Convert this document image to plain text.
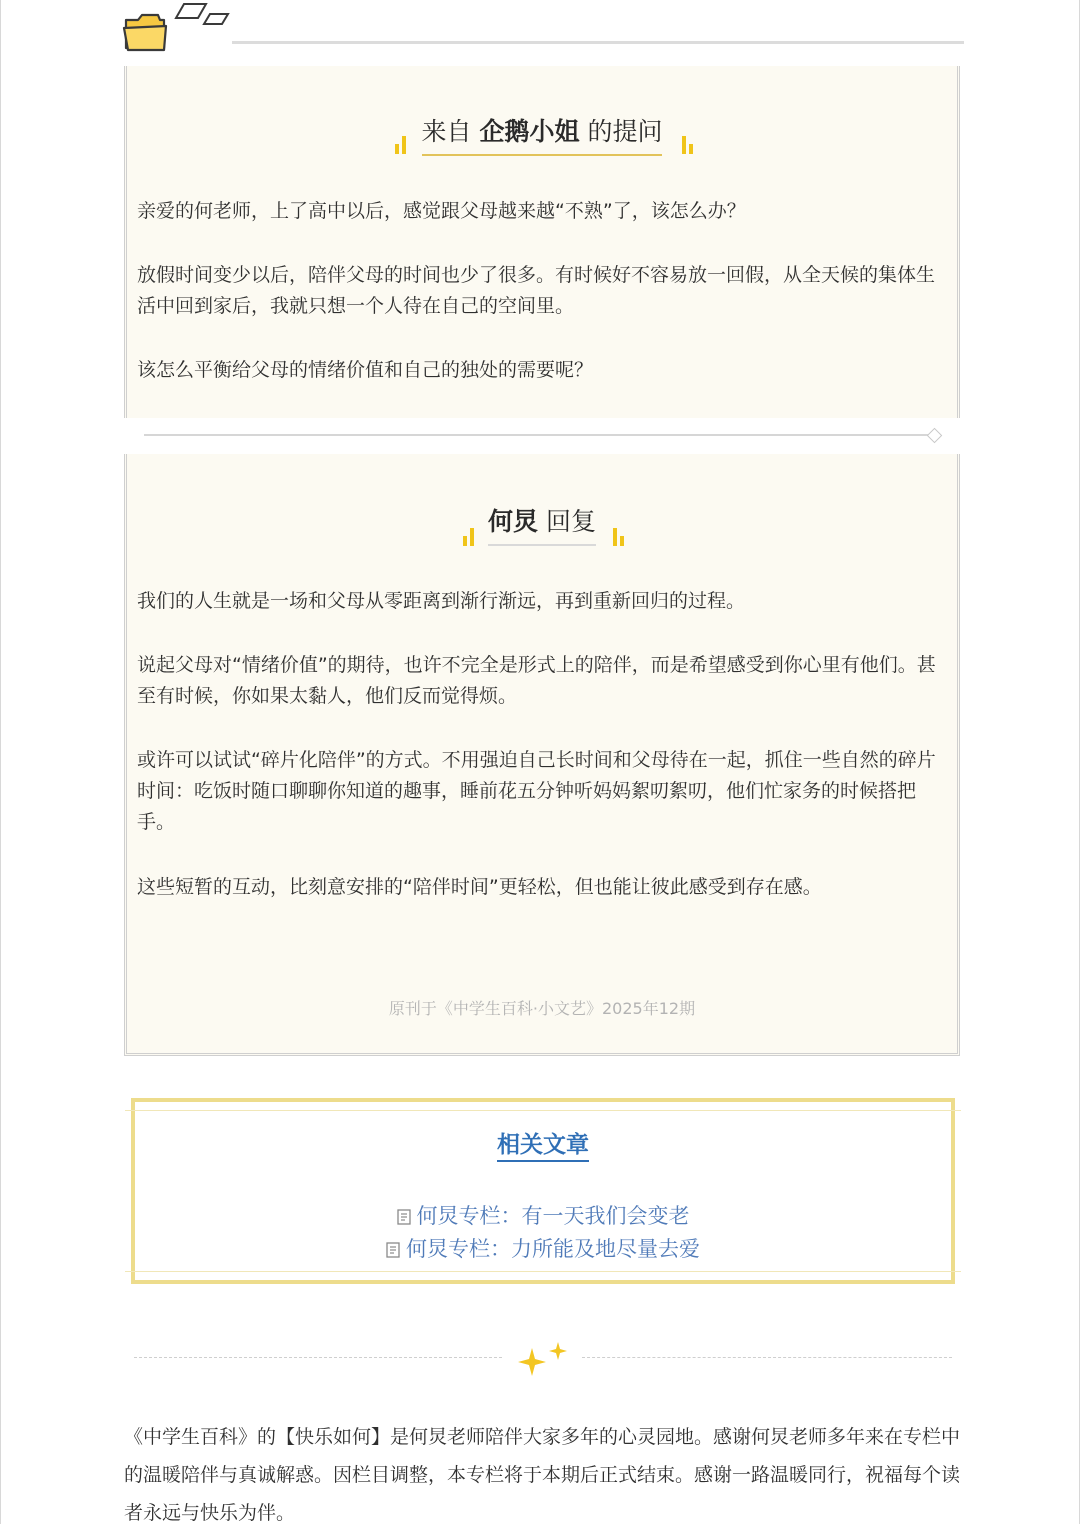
来自 企鹅小姐 的提问

亲爱的何老师，上了高中以后，感觉跟父母越来越“不熟”了，该怎么办？

放假时间变少以后，陪伴父母的时间也少了很多。有时候好不容易放一回假，从全天候的集体生活中回到家后，我就只想一个人待在自己的空间里。

该怎么平衡给父母的情绪价值和自己的独处的需要呢？

何炅 回复

我们的人生就是一场和父母从零距离到渐行渐远，再到重新回归的过程。

说起父母对“情绪价值”的期待，也许不完全是形式上的陪伴，而是希望感受到你心里有他们。甚至有时候，你如果太黏人，他们反而觉得烦。

或许可以试试“碎片化陪伴”的方式。不用强迫自己长时间和父母待在一起，抓住一些自然的碎片时间：吃饭时随口聊聊你知道的趣事，睡前花五分钟听妈妈絮叨絮叨，他们忙家务的时候搭把手。

这些短暂的互动，比刻意安排的“陪伴时间”更轻松，但也能让彼此感受到存在感。

原刊于《中学生百科·小文艺》2025年12期

相关文章
何炅专栏：有一天我们会变老
何炅专栏：力所能及地尽量去爱

《中学生百科》的【快乐如何】是何炅老师陪伴大家多年的心灵园地。感谢何炅老师多年来在专栏中的温暖陪伴与真诚解惑。因栏目调整，本专栏将于本期后正式结束。感谢一路温暖同行，祝福每个读者永远与快乐为伴。
